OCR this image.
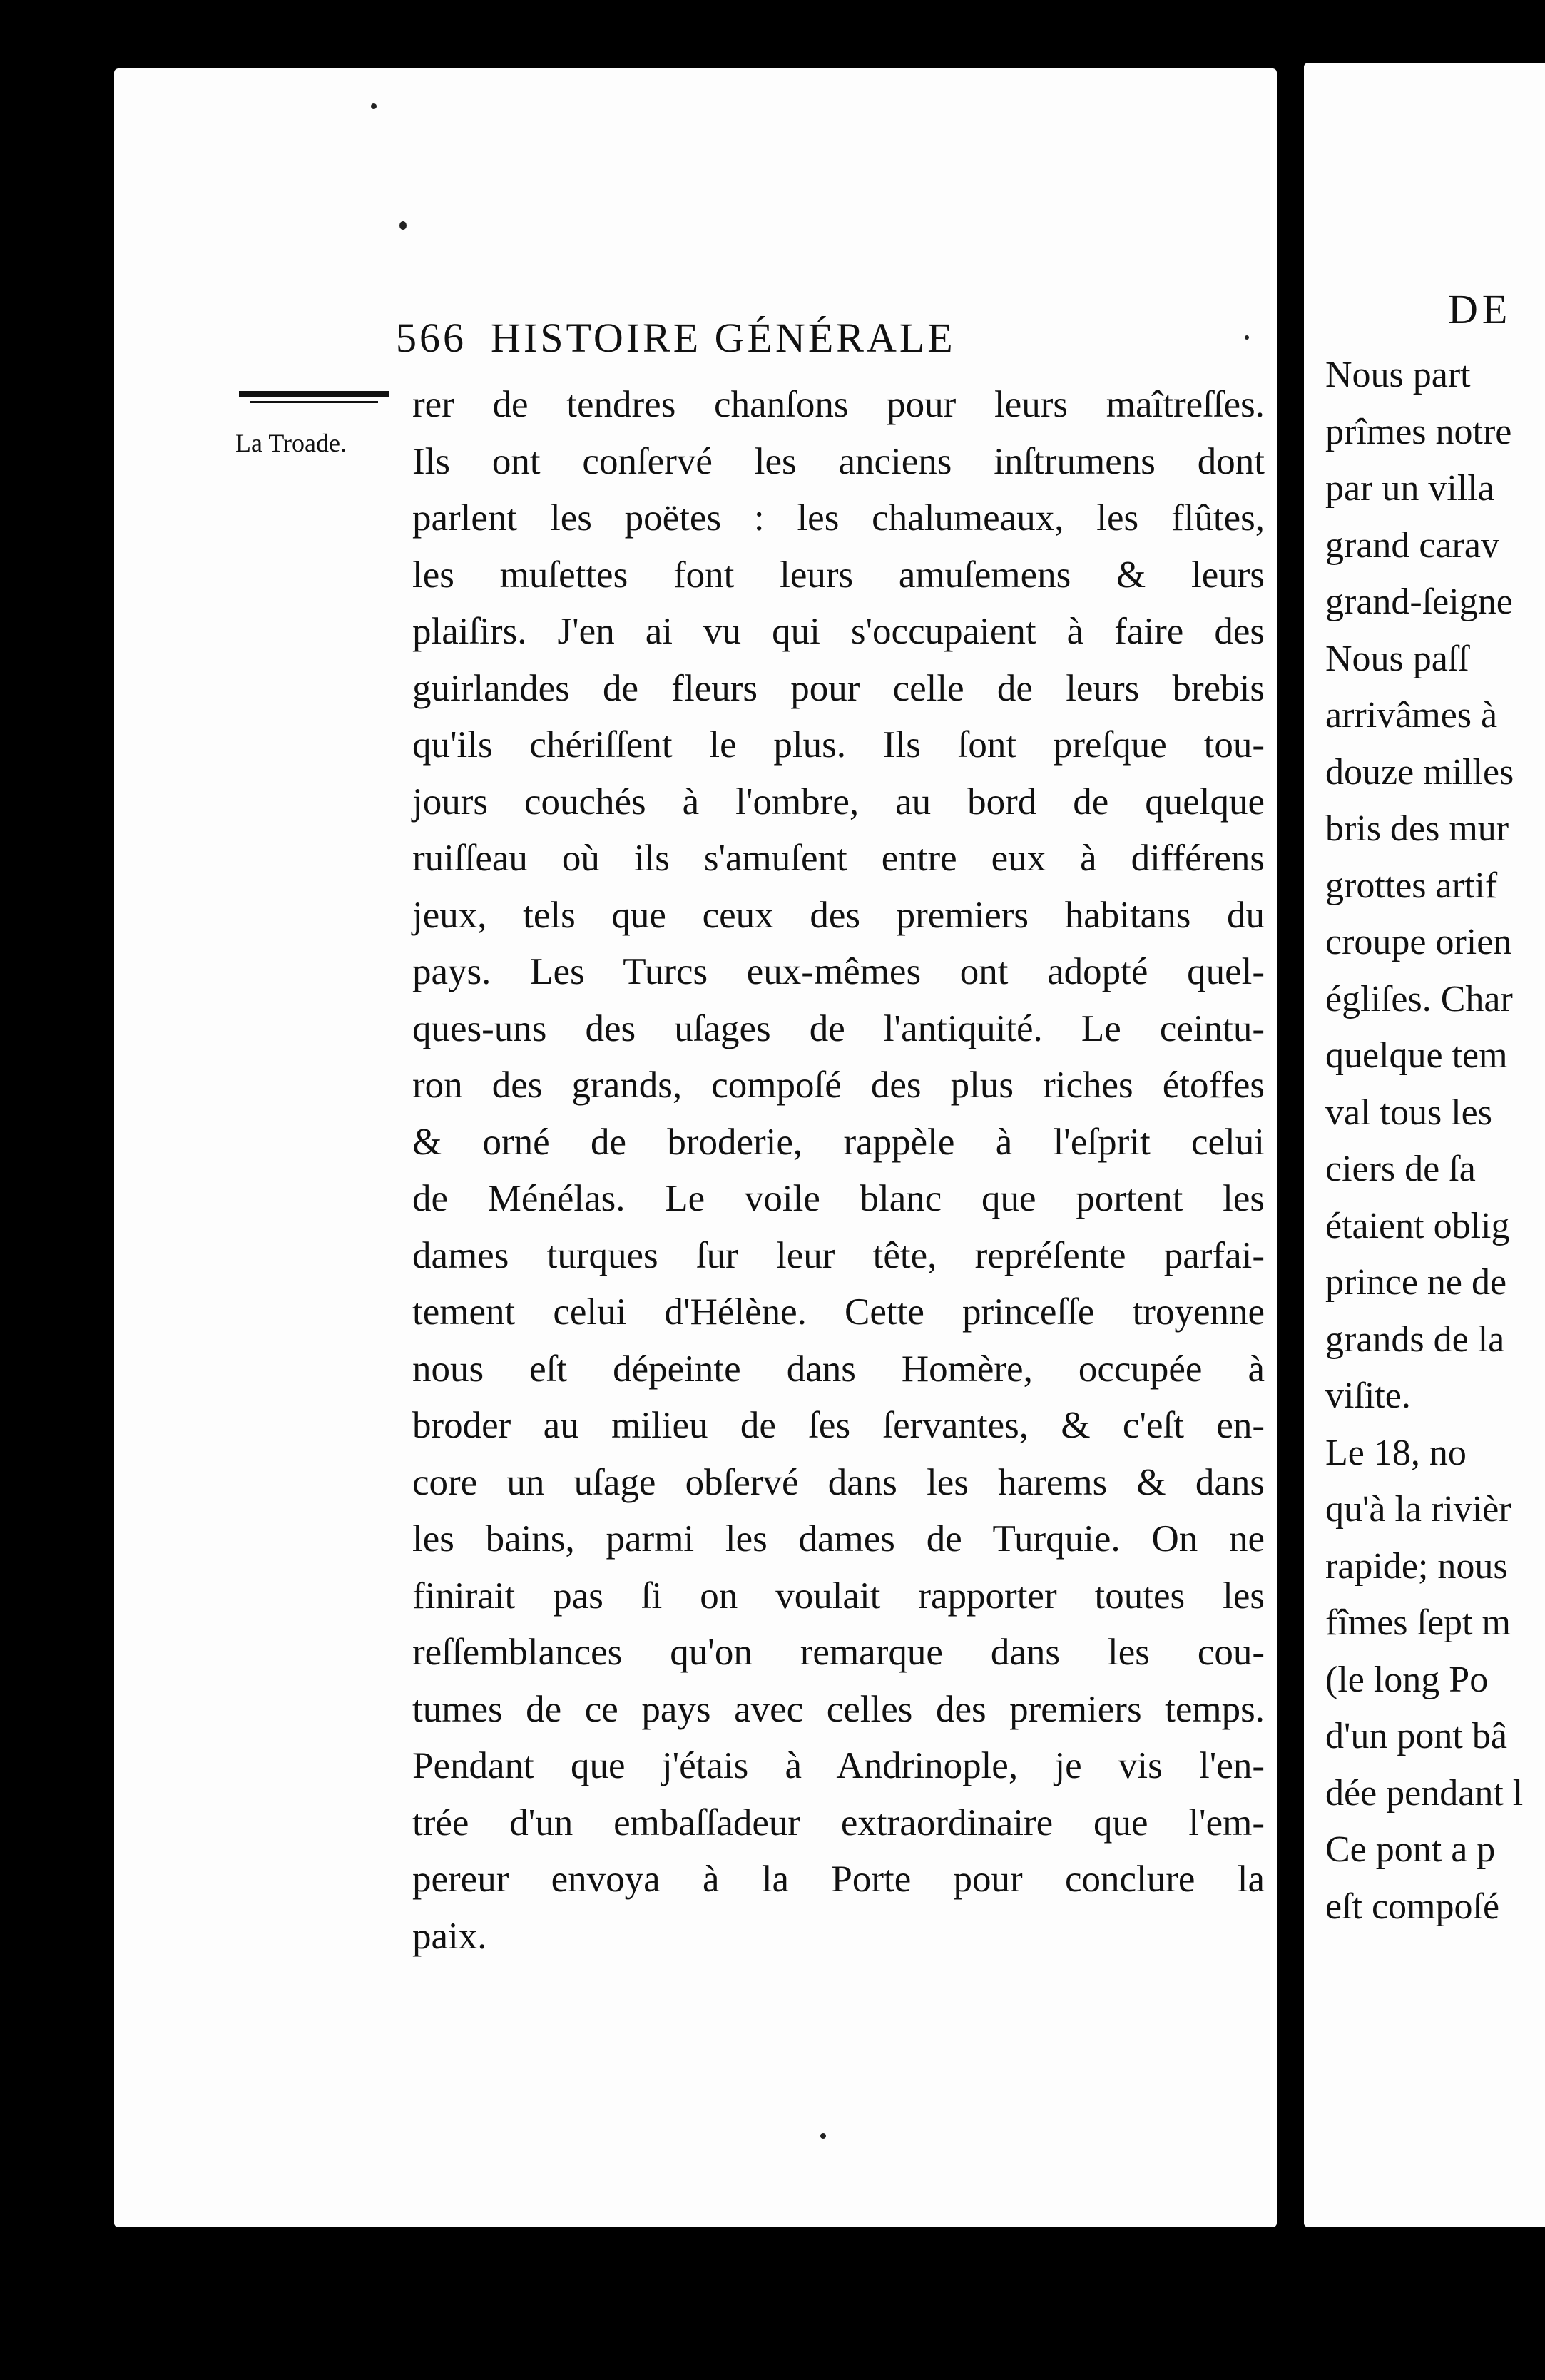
566 HISTOIRE GÉNÉRALE
La Troade.
rer de tendres chanſons pour leurs maîtreſſes.
Ils ont conſervé les anciens inſtrumens dont
parlent les poëtes : les chalumeaux, les flûtes,
les muſettes font leurs amuſemens & leurs
plaiſirs. J'en ai vu qui s'occupaient à faire des
guirlandes de fleurs pour celle de leurs brebis
qu'ils chériſſent le plus. Ils ſont preſque tou-
jours couchés à l'ombre, au bord de quelque
ruiſſeau où ils s'amuſent entre eux à différens
jeux, tels que ceux des premiers habitans du
pays. Les Turcs eux-mêmes ont adopté quel-
ques-uns des uſages de l'antiquité. Le ceintu-
ron des grands, compoſé des plus riches étoffes
& orné de broderie, rappèle à l'eſprit celui
de Ménélas. Le voile blanc que portent les
dames turques ſur leur tête, repréſente parfai-
tement celui d'Hélène. Cette princeſſe troyenne
nous eſt dépeinte dans Homère, occupée à
broder au milieu de ſes ſervantes, & c'eſt en-
core un uſage obſervé dans les harems & dans
les bains, parmi les dames de Turquie. On ne
finirait pas ſi on voulait rapporter toutes les
reſſemblances qu'on remarque dans les cou-
tumes de ce pays avec celles des premiers temps.
Pendant que j'étais à Andrinople, je vis l'en-
trée d'un embaſſadeur extraordinaire que l'em-
pereur envoya à la Porte pour conclure la
paix.
DE
Nous part
prîmes notre
par un villa
grand carav
grand-ſeigne
Nous paſſ
arrivâmes à
douze milles
bris des mur
grottes artif
croupe orien
égliſes. Char
quelque tem
val tous les
ciers de ſa
étaient oblig
prince ne de
grands de la
viſite.
Le 18, no
qu'à la rivièr
rapide; nous
fîmes ſept m
(le long Po
d'un pont bâ
dée pendant l
Ce pont a p
eſt compoſé
